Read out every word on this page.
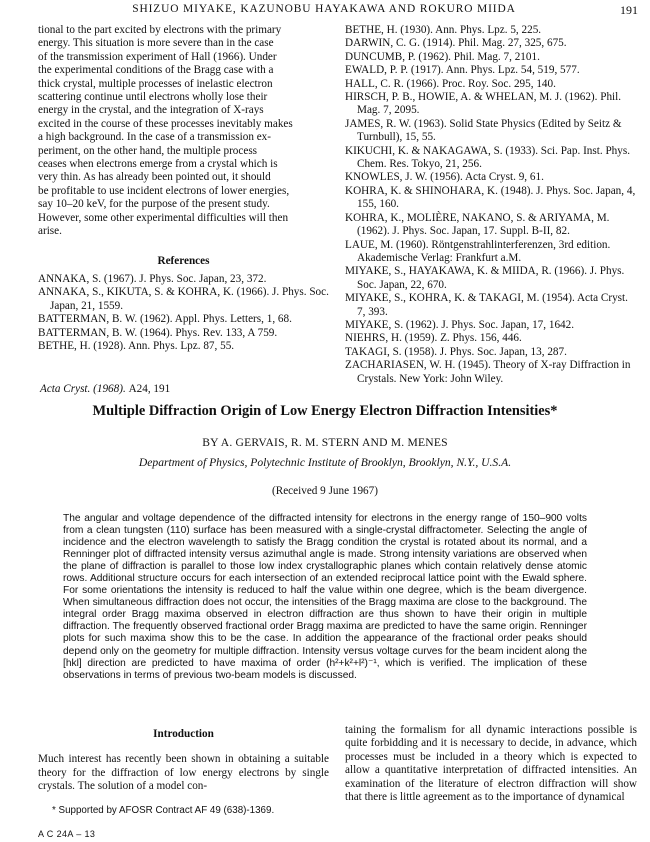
SHIZUO MIYAKE, KAZUNOBU HAYAKAWA AND ROKURO MIIDA	191

tional to the part excited by electrons with the primary

energy. This situation is more severe than in the case

of the transmission experiment of Hall (1966). Under

the experimental conditions of the Bragg case with a

thick crystal, multiple processes of inelastic electron

scattering continue until electrons wholly lose their

energy in the crystal, and the integration of X-rays

excited in the course of these processes inevitably makes

a high background. In the case of a transmission ex-

periment, on the other hand, the multiple process

ceases when electrons emerge from a crystal which is

very thin. As has already been pointed out, it should

be profitable to use incident electrons of lower energies,

say 10–20 keV, for the purpose of the present study.

However, some other experimental difficulties will then

arise.

References

ANNAKA, S. (1967). J. Phys. Soc. Japan, 23, 372.

ANNAKA, S., KIKUTA, S. & KOHRA, K. (1966). J. Phys. Soc. Japan, 21, 1559.

BATTERMAN, B. W. (1962). Appl. Phys. Letters, 1, 68.

BATTERMAN, B. W. (1964). Phys. Rev. 133, A 759.

BETHE, H. (1928). Ann. Phys. Lpz. 87, 55.

BETHE, H. (1930). Ann. Phys. Lpz. 5, 225.

DARWIN, C. G. (1914). Phil. Mag. 27, 325, 675.

DUNCUMB, P. (1962). Phil. Mag. 7, 2101.

EWALD, P. P. (1917). Ann. Phys. Lpz. 54, 519, 577.

HALL, C. R. (1966). Proc. Roy. Soc. 295, 140.

HIRSCH, P. B., HOWIE, A. & WHELAN, M. J. (1962). Phil. Mag. 7, 2095.

JAMES, R. W. (1963). Solid State Physics (Edited by Seitz & Turnbull), 15, 55.

KIKUCHI, K. & NAKAGAWA, S. (1933). Sci. Pap. Inst. Phys. Chem. Res. Tokyo, 21, 256.

KNOWLES, J. W. (1956). Acta Cryst. 9, 61.

KOHRA, K. & SHINOHARA, K. (1948). J. Phys. Soc. Japan, 4, 155, 160.

KOHRA, K., MOLIÈRE, NAKANO, S. & ARIYAMA, M. (1962). J. Phys. Soc. Japan, 17. Suppl. B-II, 82.

LAUE, M. (1960). Röntgenstrahlinterferenzen, 3rd edition. Akademische Verlag: Frankfurt a.M.

MIYAKE, S., HAYAKAWA, K. & MIIDA, R. (1966). J. Phys. Soc. Japan, 22, 670.

MIYAKE, S., KOHRA, K. & TAKAGI, M. (1954). Acta Cryst. 7, 393.

MIYAKE, S. (1962). J. Phys. Soc. Japan, 17, 1642.

NIEHRS, H. (1959). Z. Phys. 156, 446.

TAKAGI, S. (1958). J. Phys. Soc. Japan, 13, 287.

ZACHARIASEN, W. H. (1945). Theory of X-ray Diffraction in Crystals. New York: John Wiley.

Acta Cryst. (1968). A24, 191
Multiple Diffraction Origin of Low Energy Electron Diffraction Intensities*
BY A. GERVAIS, R. M. STERN AND M. MENES
Department of Physics, Polytechnic Institute of Brooklyn, Brooklyn, N.Y., U.S.A.
(Received 9 June 1967)
The angular and voltage dependence of the diffracted intensity for electrons in the energy range of 150–900 volts from a clean tungsten (110) surface has been measured with a single-crystal diffractometer. Selecting the angle of incidence and the electron wavelength to satisfy the Bragg condition the crystal is rotated about its normal, and a Renninger plot of diffracted intensity versus azimuthal angle is made. Strong intensity variations are observed when the plane of diffraction is parallel to those low index crystallographic planes which contain relatively dense atomic rows. Additional structure occurs for each intersection of an extended reciprocal lattice point with the Ewald sphere. For some orientations the intensity is reduced to half the value within one degree, which is the beam divergence. When simultaneous diffraction does not occur, the intensities of the Bragg maxima are close to the background. The integral order Bragg maxima observed in electron diffraction are thus shown to have their origin in multiple diffraction. The frequently observed fractional order Bragg maxima are predicted to have the same origin. Renninger plots for such maxima show this to be the case. In addition the appearance of the fractional order peaks should depend only on the geometry for multiple diffraction. Intensity versus voltage curves for the beam incident along the [hkl] direction are predicted to have maxima of order (h²+k²+l²)⁻¹, which is verified. The implication of these observations in terms of previous two-beam models is discussed.
Introduction

Much interest has recently been shown in obtaining a suitable theory for the diffraction of low energy electrons by single crystals. The solution of a model con-

taining the formalism for all dynamic interactions possible is quite forbidding and it is necessary to decide, in advance, which processes must be included in a theory which is expected to allow a quantitative interpretation of diffracted intensities. An examination of the literature of electron diffraction will show that there is little agreement as to the importance of dynamical

* Supported by AFOSR Contract AF 49 (638)-1369.
A C 24A – 13
